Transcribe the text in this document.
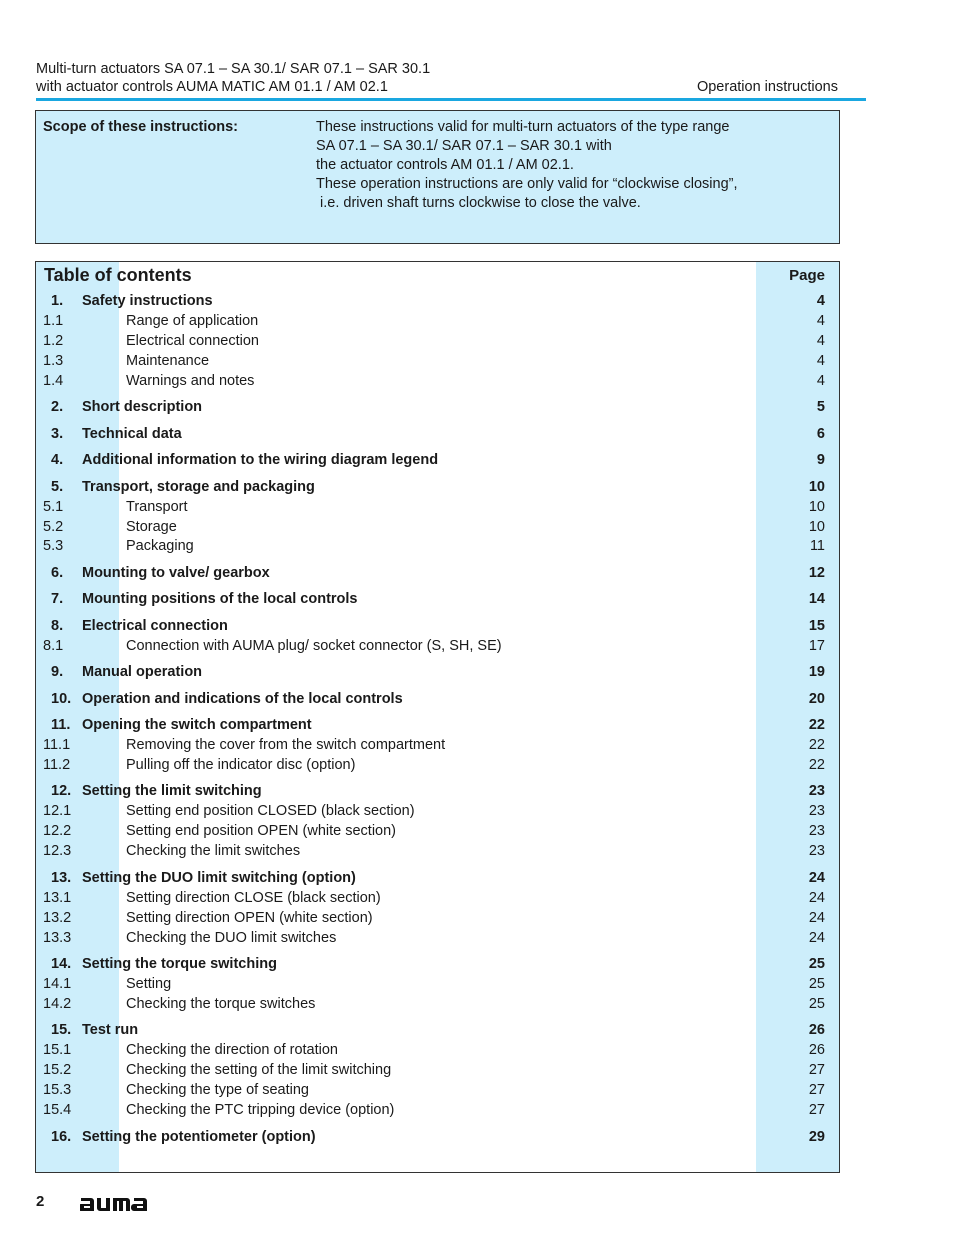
Multi-turn actuators SA 07.1 – SA 30.1/ SAR 07.1 – SAR 30.1
with actuator controls AUMA MATIC AM 01.1 / AM 02.1	Operation instructions
Scope of these instructions:	These instructions valid for multi-turn actuators of the type range
SA 07.1 – SA 30.1/ SAR 07.1 – SAR 30.1 with
the actuator controls AM 01.1 / AM 02.1.
These operation instructions are only valid for “clockwise closing”,
i.e. driven shaft turns clockwise to close the valve.
Table of contents	Page
1. Safety instructions	4
1.1	Range of application	4
1.2	Electrical connection	4
1.3	Maintenance	4
1.4	Warnings and notes	4
2. Short description	5
3. Technical data	6
4. Additional information to the wiring diagram legend	9
5. Transport, storage and packaging	10
5.1	Transport	10
5.2	Storage	10
5.3	Packaging	11
6. Mounting to valve/ gearbox	12
7. Mounting positions of the local controls	14
8. Electrical connection	15
8.1	Connection with AUMA plug/ socket connector (S, SH, SE)	17
9. Manual operation	19
10. Operation and indications of the local controls	20
11. Opening the switch compartment	22
11.1	Removing the cover from the switch compartment	22
11.2	Pulling off the indicator disc (option)	22
12. Setting the limit switching	23
12.1	Setting end position CLOSED (black section)	23
12.2	Setting end position OPEN (white section)	23
12.3	Checking the limit switches	23
13. Setting the DUO limit switching (option)	24
13.1	Setting direction CLOSE (black section)	24
13.2	Setting direction OPEN (white section)	24
13.3	Checking the DUO limit switches	24
14. Setting the torque switching	25
14.1	Setting	25
14.2	Checking the torque switches	25
15. Test run	26
15.1	Checking the direction of rotation	26
15.2	Checking the setting of the limit switching	27
15.3	Checking the type of seating	27
15.4	Checking the PTC tripping device (option)	27
16. Setting the potentiometer (option)	29
2
